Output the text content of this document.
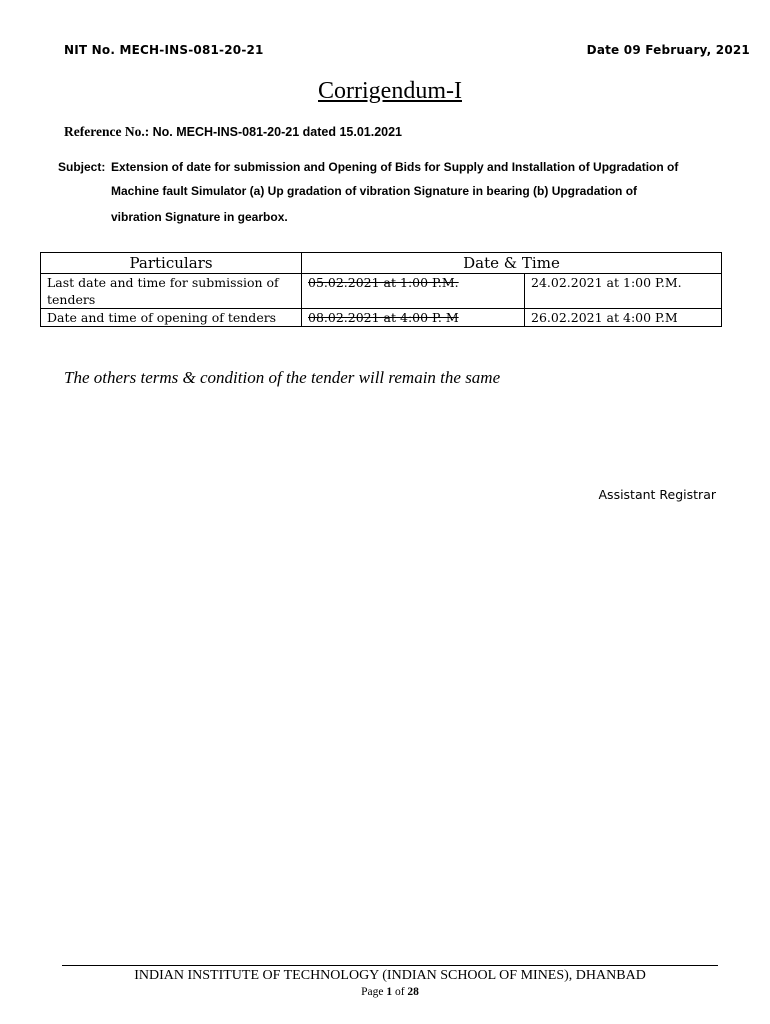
NIT No. MECH-INS-081-20-21	Date 09 February, 2021
Corrigendum-I
Reference No.: No. MECH-INS-081-20-21 dated 15.01.2021
Subject: Extension of date for submission and Opening of Bids for Supply and Installation of Upgradation of
Machine fault Simulator (a) Up gradation of vibration Signature in bearing (b) Upgradation of
vibration Signature in gearbox.
Particulars	Date & Time	
Last date and time for submission of tenders	05.02.2021 at 1:00 P.M.	24.02.2021 at 1:00 P.M.
Date and time of opening of tenders	08.02.2021 at 4:00 P. M	26.02.2021 at 4:00 P.M
The others terms & condition of the tender will remain the same
Assistant Registrar
INDIAN INSTITUTE OF TECHNOLOGY (INDIAN SCHOOL OF MINES), DHANBAD
Page 1 of 28
